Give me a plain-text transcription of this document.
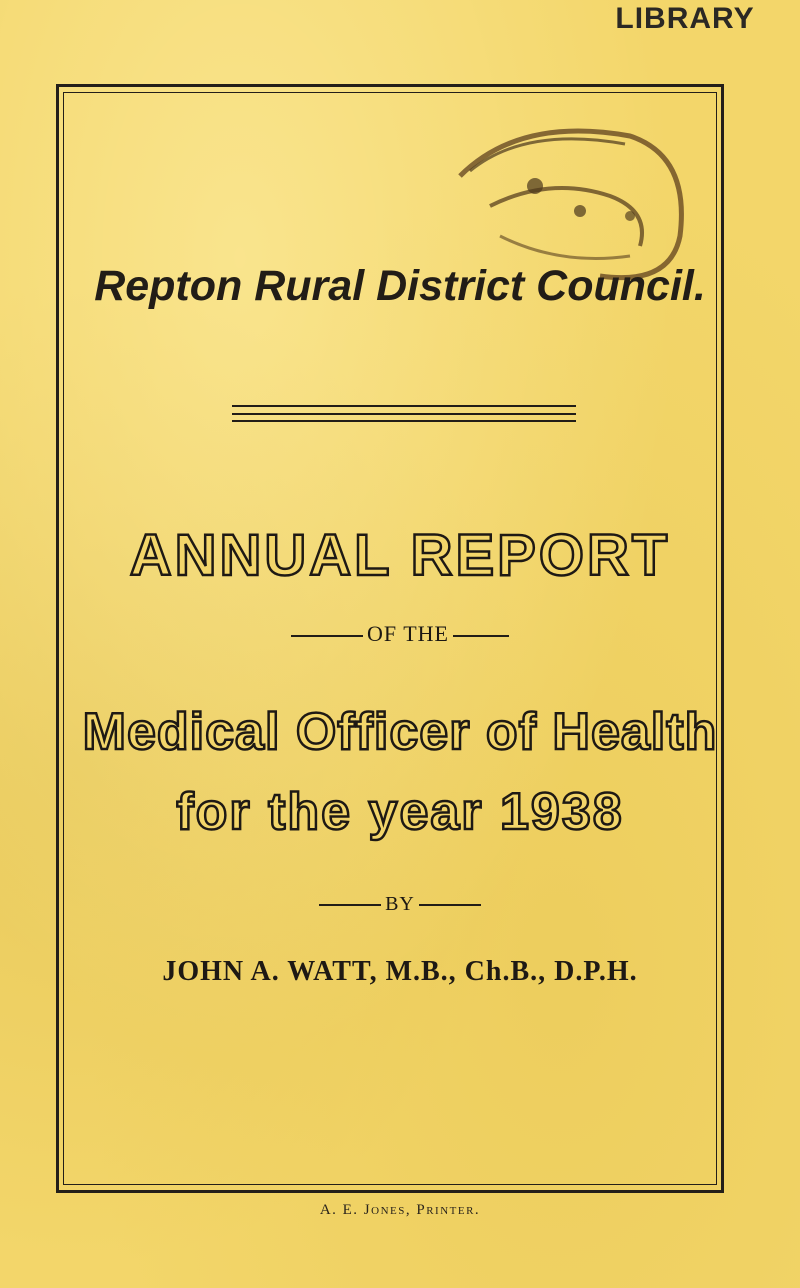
LIBRARY
Repton Rural District Council.
ANNUAL REPORT
OF THE
Medical Officer of Health
for the year 1938
BY
JOHN A. WATT, M.B., Ch.B., D.P.H.
A. E. Jones, Printer.
